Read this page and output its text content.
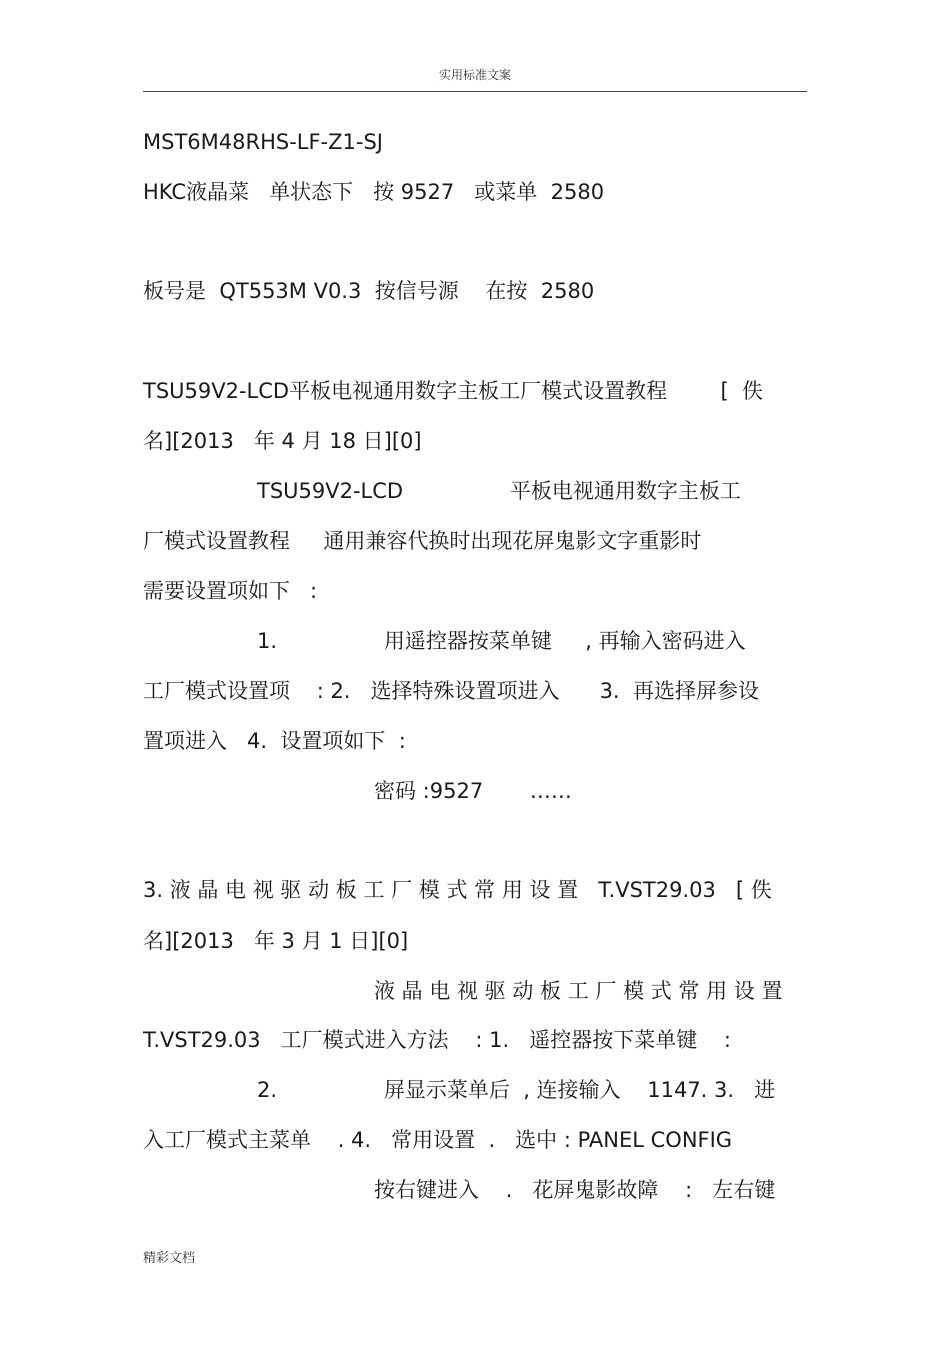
实用标准文案
MST6M48RHS-LF-Z1-SJ
HKC液晶菜   单状态下   按 9527   或菜单  2580
板号是  QT553M V0.3  按信号源    在按  2580
TSU59V2-LCD平板电视通用数字主板工厂模式设置教程        [  佚
名][2013   年 4 月 18 日][0]
TSU59V2-LCD                平板电视通用数字主板工
厂模式设置教程     通用兼容代换时出现花屏鬼影文字重影时
需要设置项如下   :
1.                用遥控器按菜单键     , 再输入密码进入
工厂模式设置项    : 2.   选择特殊设置项进入      3.  再选择屏参设
置项进入   4.  设置项如下  :
密码 :9527       ……
3. 液 晶 电 视 驱 动 板 工 厂 模 式 常 用 设 置   T.VST29.03   [ 佚
名][2013   年 3 月 1 日][0]
液 晶 电 视 驱 动 板 工 厂 模 式 常 用 设 置
T.VST29.03   工厂模式进入方法    : 1.   遥控器按下菜单键    :
2.                屏显示菜单后  , 连接输入    1147. 3.   进
入工厂模式主菜单    . 4.   常用设置  .   选中 : PANEL CONFIG
按右键进入    .   花屏鬼影故障    :   左右键
精彩文档
